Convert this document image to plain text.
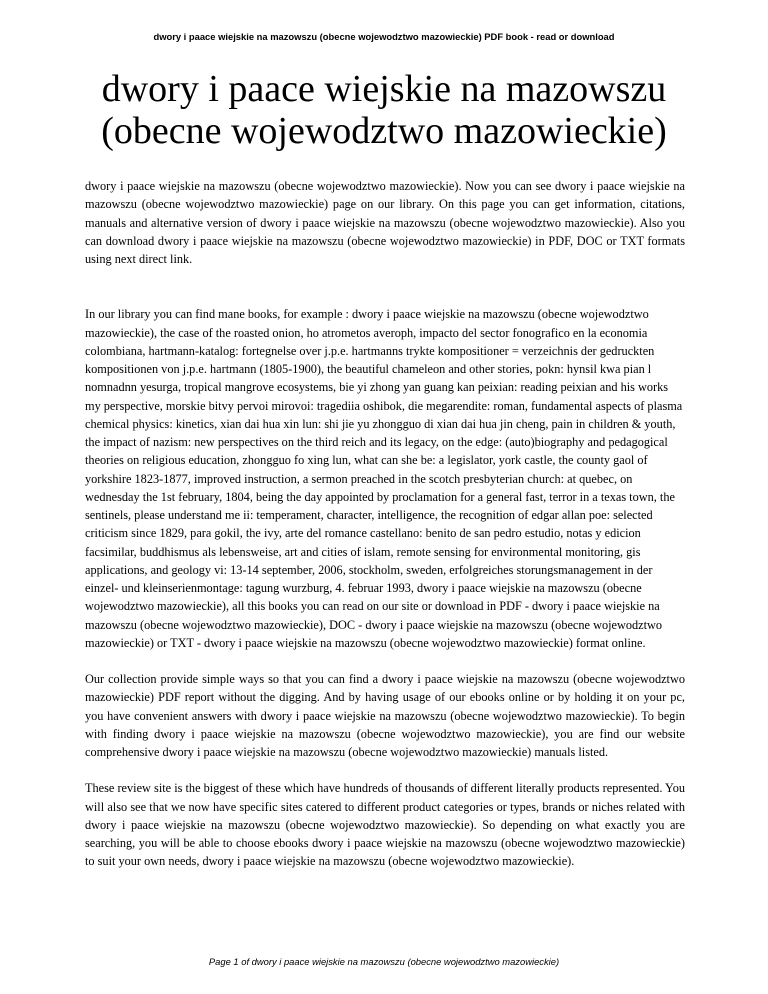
dwory i paace wiejskie na mazowszu (obecne wojewodztwo mazowieckie) PDF book - read or download
dwory i paace wiejskie na mazowszu
(obecne wojewodztwo mazowieckie)

dwory i paace wiejskie na mazowszu (obecne wojewodztwo mazowieckie). Now you can see dwory i paace wiejskie na mazowszu (obecne wojewodztwo mazowieckie) page on our library. On this page you can get information, citations, manuals and alternative version of dwory i paace wiejskie na mazowszu (obecne wojewodztwo mazowieckie). Also you can download dwory i paace wiejskie na mazowszu (obecne wojewodztwo mazowieckie) in PDF, DOC or TXT formats using next direct link.

In our library you can find mane books, for example : dwory i paace wiejskie na mazowszu (obecne wojewodztwo mazowieckie), the case of the roasted onion, ho atrometos averoph, impacto del sector fonografico en la economia colombiana, hartmann-katalog: fortegnelse over j.p.e. hartmanns trykte kompositioner = verzeichnis der gedruckten kompositionen von j.p.e. hartmann (1805-1900), the beautiful chameleon and other stories, pokn: hynsil kwa pian l nomnadnn yesurga, tropical mangrove ecosystems, bie yi zhong yan guang kan peixian: reading peixian and his works my perspective, morskie bitvy pervoi mirovoi: tragediia oshibok, die megarendite: roman, fundamental aspects of plasma chemical physics: kinetics, xian dai hua xin lun: shi jie yu zhongguo di xian dai hua jin cheng, pain in children & youth, the impact of nazism: new perspectives on the third reich and its legacy, on the edge: (auto)biography and pedagogical theories on religious education, zhongguo fo xing lun, what can she be: a legislator, york castle, the county gaol of yorkshire 1823-1877, improved instruction, a sermon preached in the scotch presbyterian church: at quebec, on wednesday the 1st february, 1804, being the day appointed by proclamation for a general fast, terror in a texas town, the sentinels, please understand me ii: temperament, character, intelligence, the recognition of edgar allan poe: selected criticism since 1829, para gokil, the ivy, arte del romance castellano: benito de san pedro estudio, notas y edicion facsimilar, buddhismus als lebensweise, art and cities of islam, remote sensing for environmental monitoring, gis applications, and geology vi: 13-14 september, 2006, stockholm, sweden, erfolgreiches storungsmanagement in der einzel- und kleinserienmontage: tagung wurzburg, 4. februar 1993, dwory i paace wiejskie na mazowszu (obecne wojewodztwo mazowieckie), all this books you can read on our site or download in PDF - dwory i paace wiejskie na mazowszu (obecne wojewodztwo mazowieckie), DOC - dwory i paace wiejskie na mazowszu (obecne wojewodztwo mazowieckie) or TXT - dwory i paace wiejskie na mazowszu (obecne wojewodztwo mazowieckie) format online.

Our collection provide simple ways so that you can find a dwory i paace wiejskie na mazowszu (obecne wojewodztwo mazowieckie) PDF report without the digging. And by having usage of our ebooks online or by holding it on your pc, you have convenient answers with dwory i paace wiejskie na mazowszu (obecne wojewodztwo mazowieckie). To begin with finding dwory i paace wiejskie na mazowszu (obecne wojewodztwo mazowieckie), you are find our website comprehensive dwory i paace wiejskie na mazowszu (obecne wojewodztwo mazowieckie) manuals listed.

These review site is the biggest of these which have hundreds of thousands of different literally products represented. You will also see that we now have specific sites catered to different product categories or types, brands or niches related with dwory i paace wiejskie na mazowszu (obecne wojewodztwo mazowieckie). So depending on what exactly you are searching, you will be able to choose ebooks dwory i paace wiejskie na mazowszu (obecne wojewodztwo mazowieckie) to suit your own needs, dwory i paace wiejskie na mazowszu (obecne wojewodztwo mazowieckie).

Page 1 of dwory i paace wiejskie na mazowszu (obecne wojewodztwo mazowieckie)
